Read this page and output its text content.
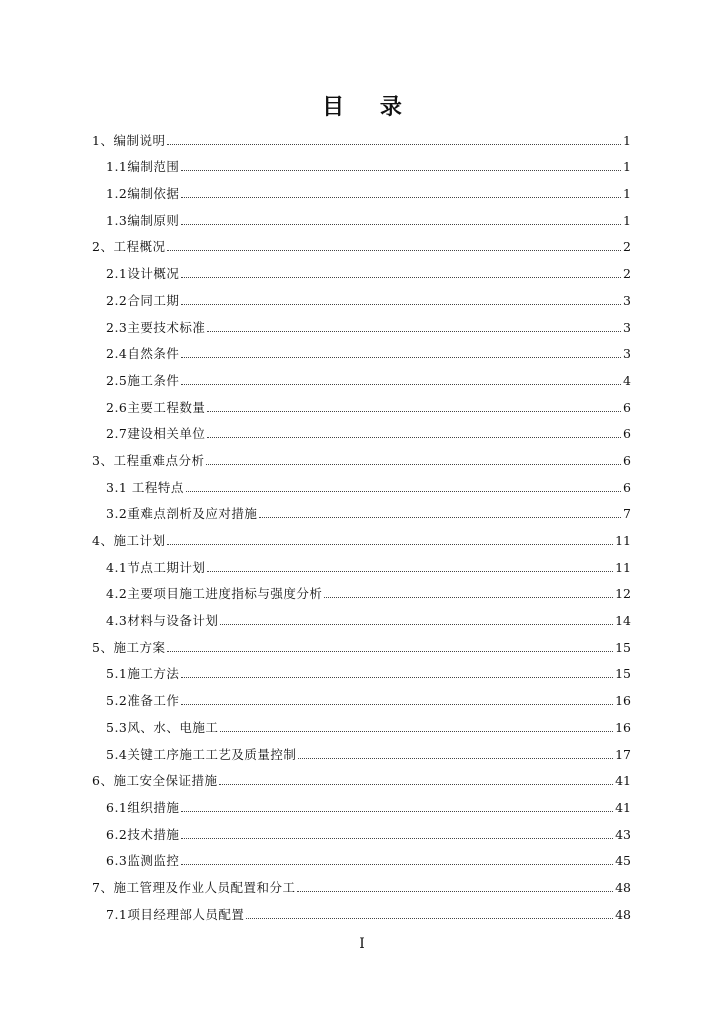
目 录
1、编制说明	1
1.1编制范围	1
1.2编制依据	1
1.3编制原则	1
2、工程概况	2
2.1设计概况	2
2.2合同工期	3
2.3主要技术标准	3
2.4自然条件	3
2.5施工条件	4
2.6主要工程数量	6
2.7建设相关单位	6
3、工程重难点分析	6
3.1 工程特点	6
3.2重难点剖析及应对措施	7
4、施工计划	11
4.1节点工期计划	11
4.2主要项目施工进度指标与强度分析	12
4.3材料与设备计划	14
5、施工方案	15
5.1施工方法	15
5.2准备工作	16
5.3风、水、电施工	16
5.4关键工序施工工艺及质量控制	17
6、施工安全保证措施	41
6.1组织措施	41
6.2技术措施	43
6.3监测监控	45
7、施工管理及作业人员配置和分工	48
7.1项目经理部人员配置	48
I
